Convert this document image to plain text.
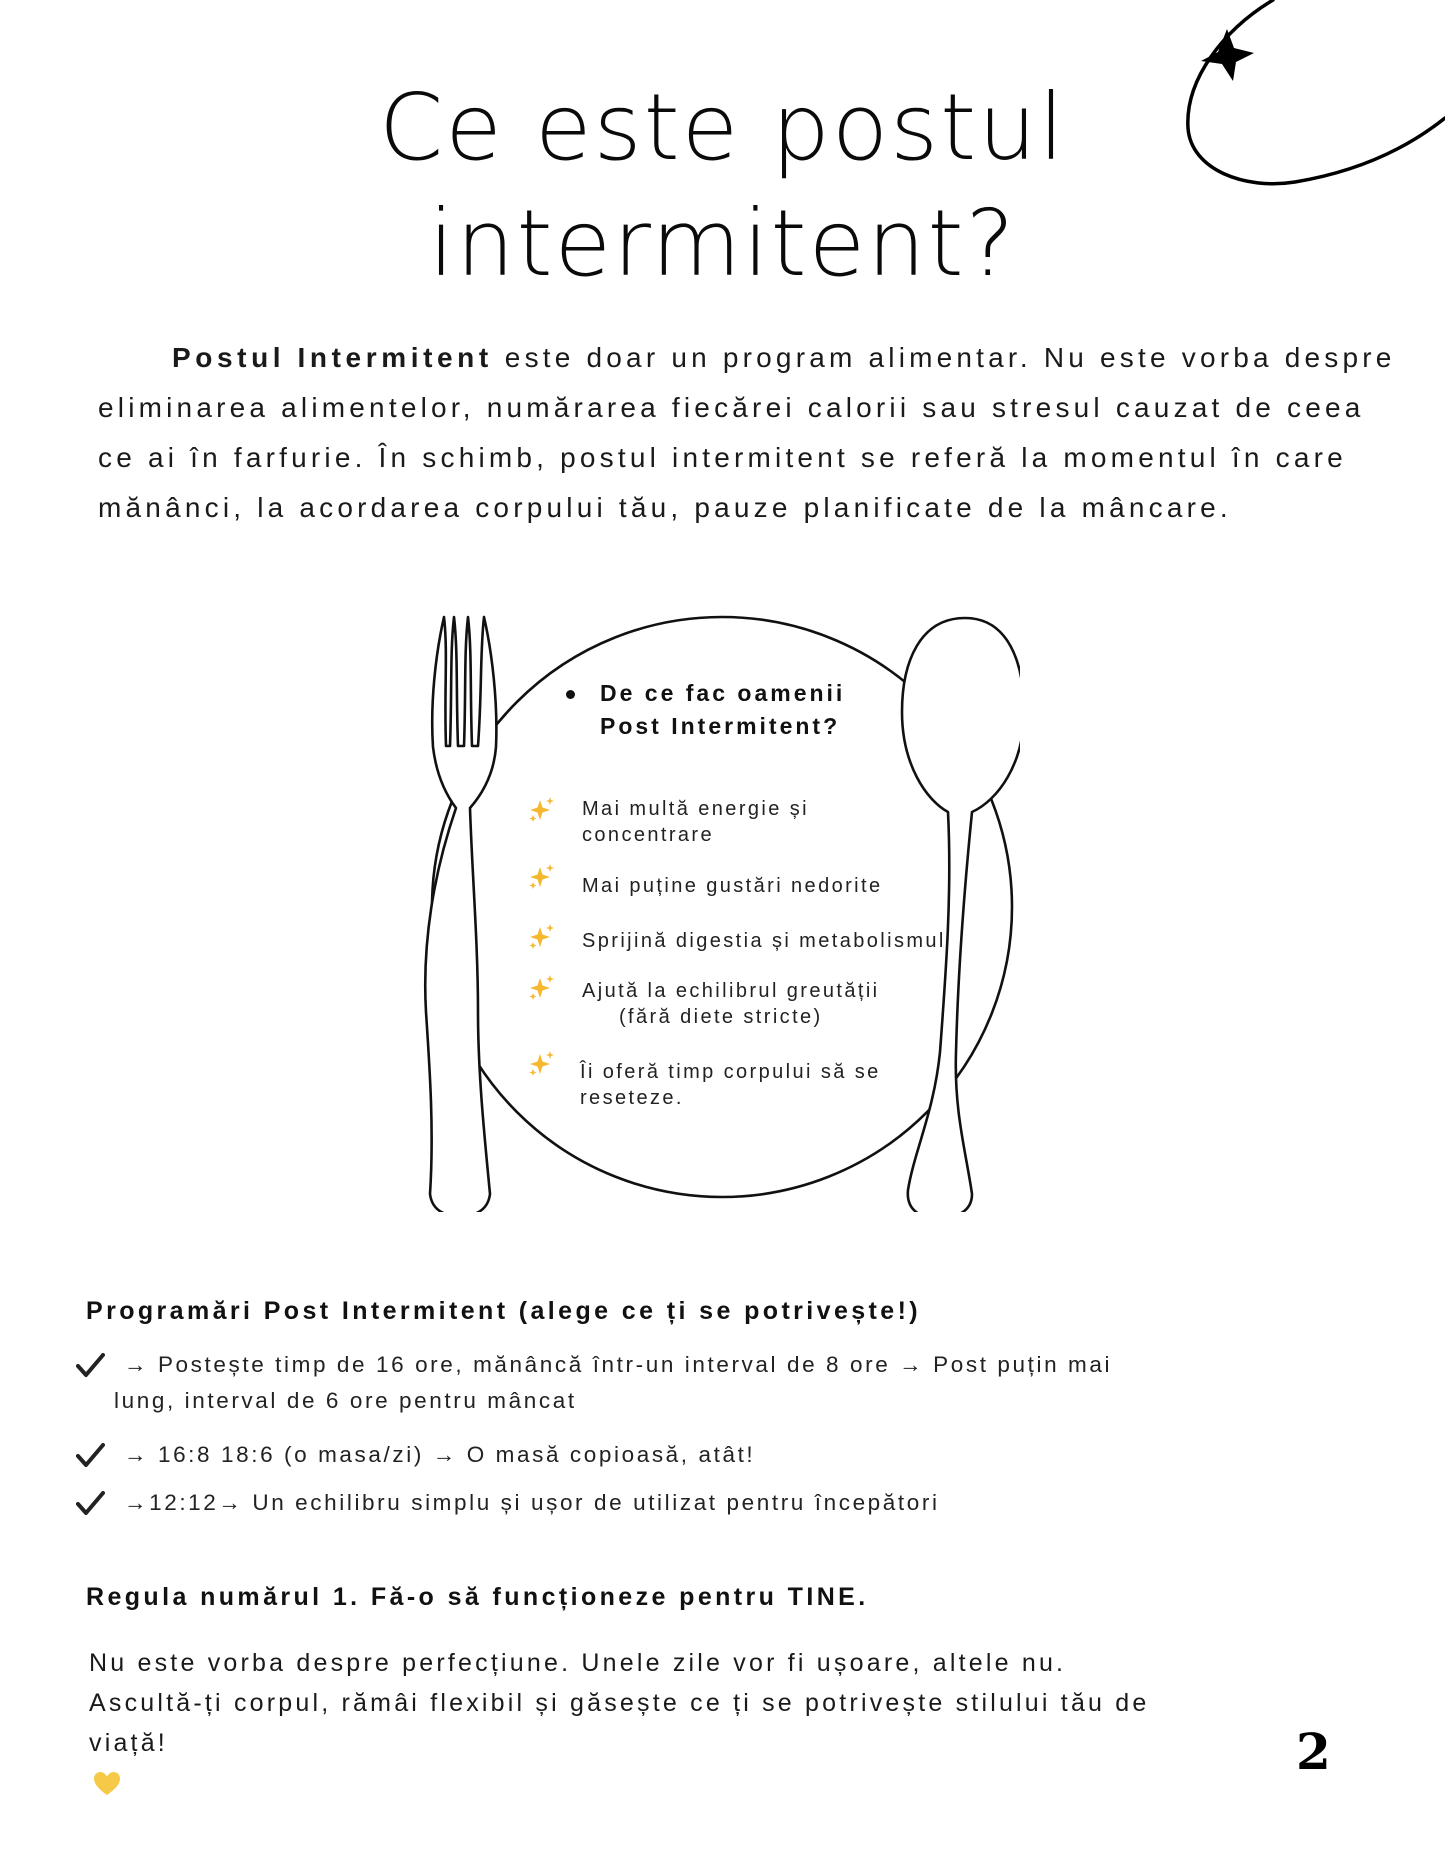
Ce este postul
intermitent?

Postul Intermitent este doar un program alimentar. Nu este vorba despre eliminarea alimentelor, numărarea fiecărei calorii sau stresul cauzat de ceea ce ai în farfurie. În schimb, postul intermitent se referă la momentul în care mănânci, la acordarea corpului tău, pauze planificate de la mâncare.

De ce fac oamenii
Post Intermitent?
Mai multă energie și
concentrare
Mai puține gustări nedorite
Sprijină digestia și metabolismul
Ajută la echilibrul greutății
(fără diete stricte)
Îi oferă timp corpului să se
reseteze.
Programări Post Intermitent (alege ce ți se potrivește!)
→ Postește timp de 16 ore, mănâncă într-un interval de 8 ore → Post puțin mai
lung, interval de 6 ore pentru mâncat
→ 16:8 18:6 (o masa/zi) → O masă copioasă, atât!
→12:12→ Un echilibru simplu și ușor de utilizat pentru începători
Regula numărul 1. Fă-o să funcționeze pentru TINE.

Nu este vorba despre perfecțiune. Unele zile vor fi ușoare, altele nu.
Ascultă-ți corpul, rămâi flexibil și găsește ce ți se potrivește stilului tău de
viață!	2
